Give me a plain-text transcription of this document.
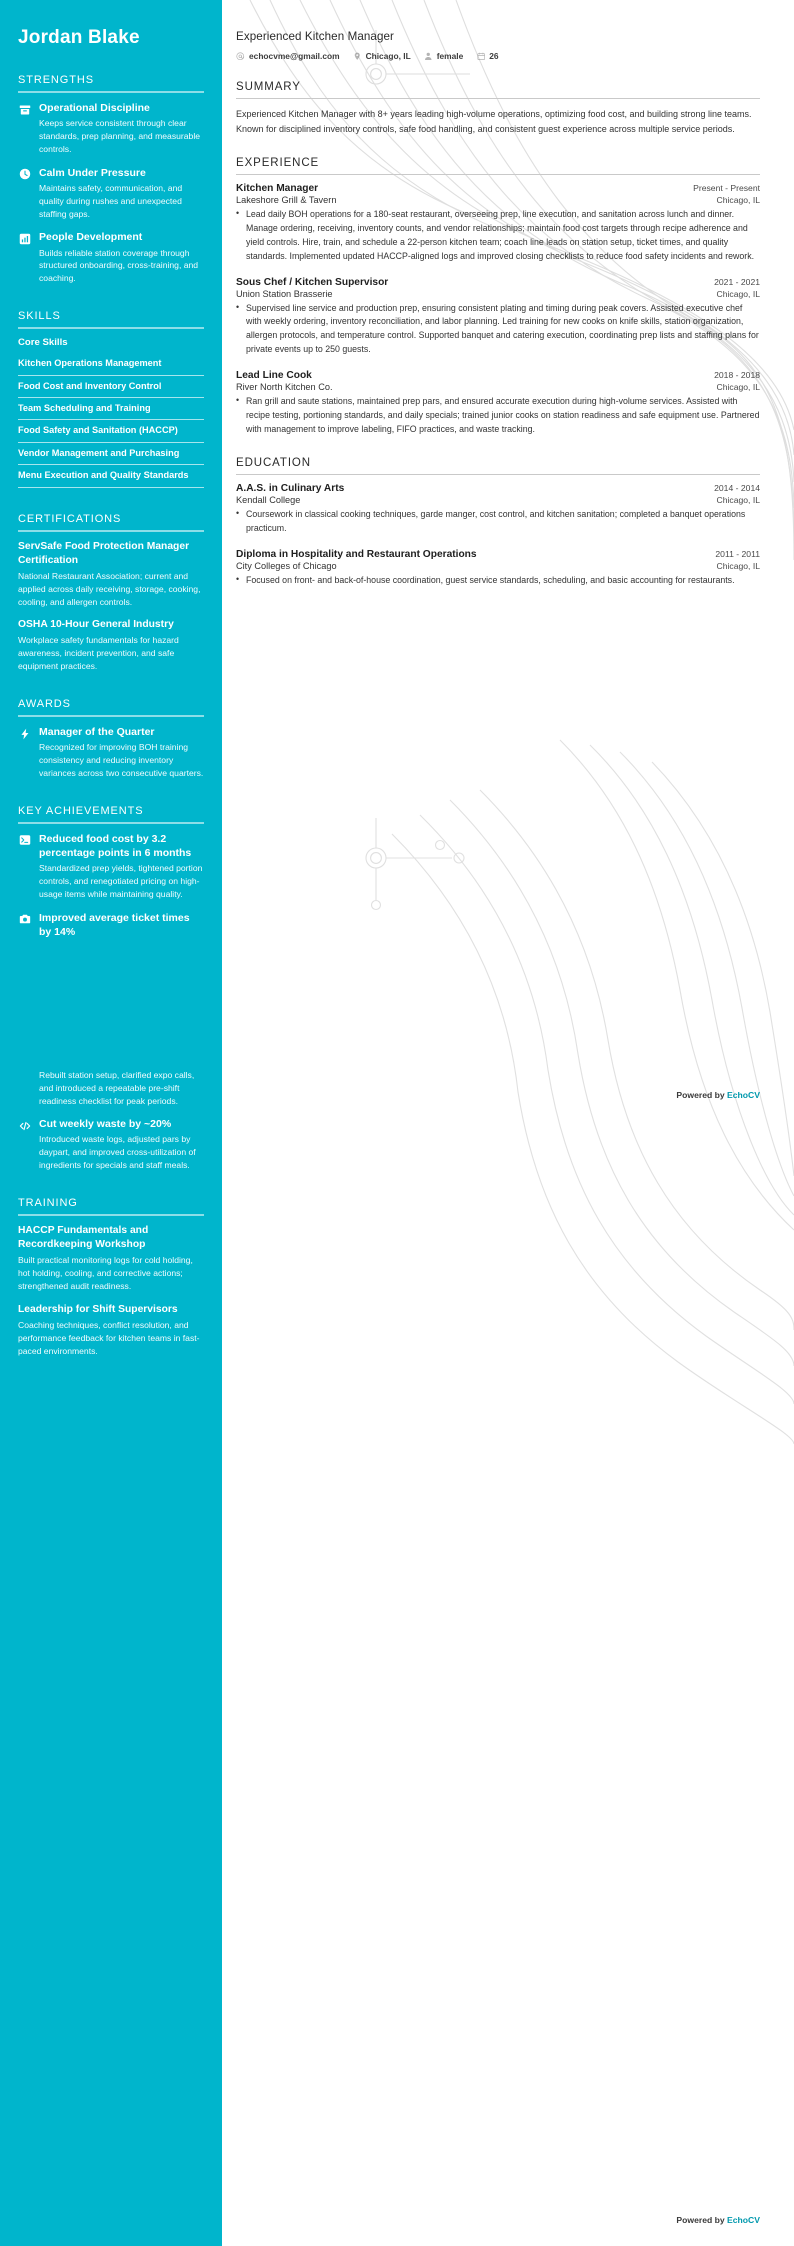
Jordan Blake
STRENGTHS
Operational Discipline
Keeps service consistent through clear standards, prep planning, and measurable controls.
Calm Under Pressure
Maintains safety, communication, and quality during rushes and unexpected staffing gaps.
People Development
Builds reliable station coverage through structured onboarding, cross-training, and coaching.
SKILLS
Core Skills
Kitchen Operations Management
Food Cost and Inventory Control
Team Scheduling and Training
Food Safety and Sanitation (HACCP)
Vendor Management and Purchasing
Menu Execution and Quality Standards
CERTIFICATIONS
ServSafe Food Protection Manager Certification
National Restaurant Association; current and applied across daily receiving, storage, cooking, cooling, and allergen controls.
OSHA 10-Hour General Industry
Workplace safety fundamentals for hazard awareness, incident prevention, and safe equipment practices.
AWARDS
Manager of the Quarter
Recognized for improving BOH training consistency and reducing inventory variances across two consecutive quarters.
KEY ACHIEVEMENTS
Reduced food cost by 3.2 percentage points in 6 months
Standardized prep yields, tightened portion controls, and renegotiated pricing on high-usage items while maintaining quality.
Improved average ticket times by 14%
Rebuilt station setup, clarified expo calls, and introduced a repeatable pre-shift readiness checklist for peak periods.
Cut weekly waste by ~20%
Introduced waste logs, adjusted pars by daypart, and improved cross-utilization of ingredients for specials and staff meals.
TRAINING
HACCP Fundamentals and Recordkeeping Workshop
Built practical monitoring logs for cold holding, hot holding, cooling, and corrective actions; strengthened audit readiness.
Leadership for Shift Supervisors
Coaching techniques, conflict resolution, and performance feedback for kitchen teams in fast-paced environments.
Experienced Kitchen Manager
echocvme@gmail.com	Chicago, IL	female	26
SUMMARY

Experienced Kitchen Manager with 8+ years leading high-volume operations, optimizing food cost, and building strong line teams. Known for disciplined inventory controls, safe food handling, and consistent guest experience across multiple service periods.

EXPERIENCE
Kitchen Manager	Present - Present
Lakeshore Grill & Tavern	Chicago, IL
• Lead daily BOH operations for a 180-seat restaurant, overseeing prep, line execution, and sanitation across lunch and dinner. Manage ordering, receiving, inventory counts, and vendor relationships; maintain food cost targets through recipe adherence and yield controls. Hire, train, and schedule a 22-person kitchen team; coach line leads on station setup, ticket times, and quality standards. Implemented updated HACCP-aligned logs and improved closing checklists to reduce food safety incidents and rework.
Sous Chef / Kitchen Supervisor	2021 - 2021
Union Station Brasserie	Chicago, IL
• Supervised line service and production prep, ensuring consistent plating and timing during peak covers. Assisted executive chef with weekly ordering, inventory reconciliation, and labor planning. Led training for new cooks on knife skills, station organization, allergen protocols, and temperature control. Supported banquet and catering execution, coordinating prep lists and staffing plans for private events up to 250 guests.
Lead Line Cook	2018 - 2018
River North Kitchen Co.	Chicago, IL
• Ran grill and saute stations, maintained prep pars, and ensured accurate execution during high-volume services. Assisted with recipe testing, portioning standards, and daily specials; trained junior cooks on station readiness and safe equipment use. Partnered with management to improve labeling, FIFO practices, and waste tracking.
EDUCATION
A.A.S. in Culinary Arts	2014 - 2014
Kendall College	Chicago, IL
• Coursework in classical cooking techniques, garde manger, cost control, and kitchen sanitation; completed a banquet operations practicum.
Diploma in Hospitality and Restaurant Operations	2011 - 2011
City Colleges of Chicago	Chicago, IL
• Focused on front- and back-of-house coordination, guest service standards, scheduling, and basic accounting for restaurants.
Powered by EchoCV
Powered by EchoCV
